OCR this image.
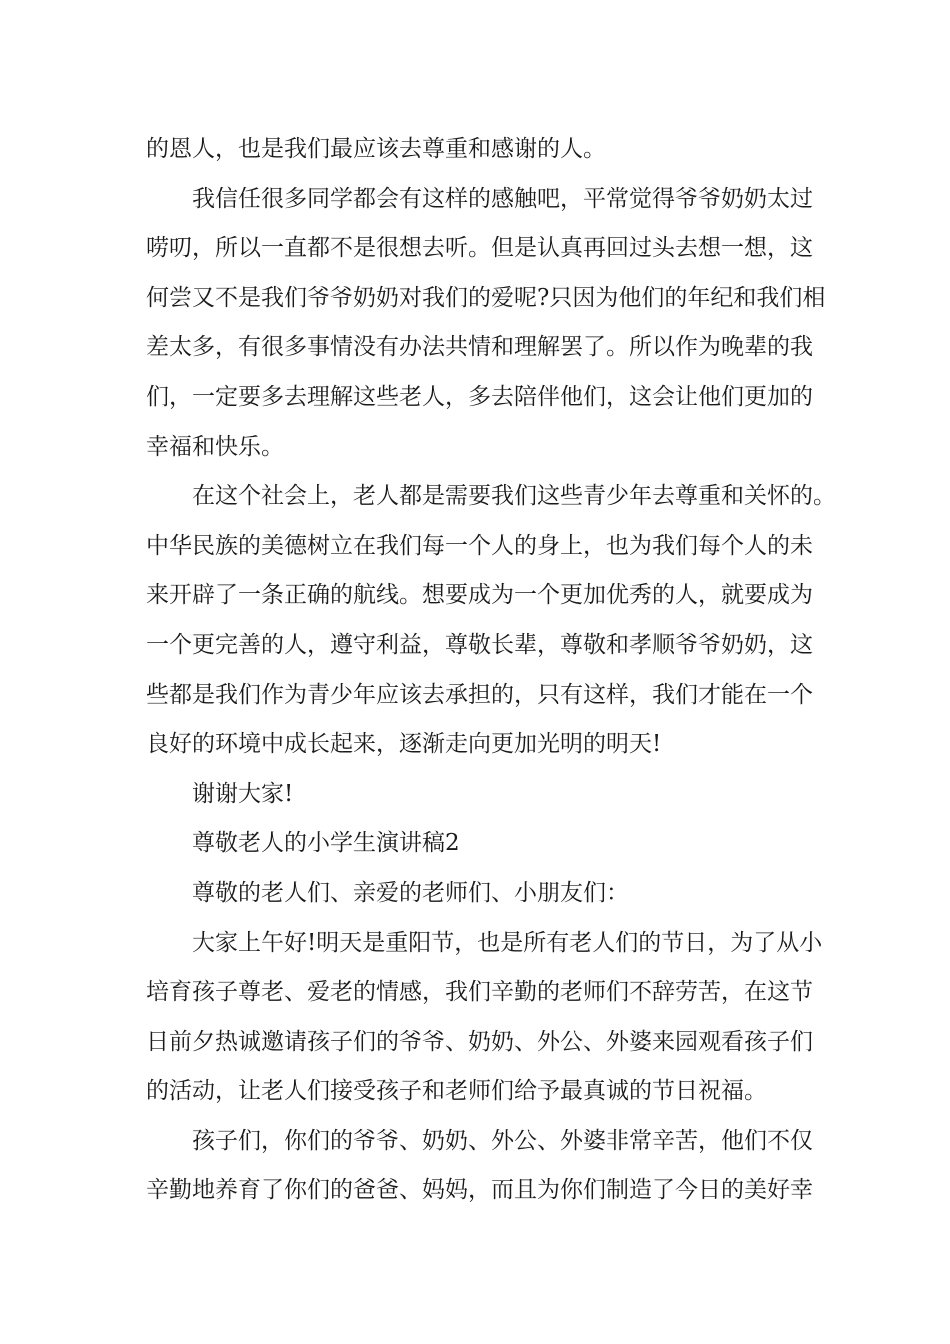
的恩人，也是我们最应该去尊重和感谢的人。
我信任很多同学都会有这样的感触吧，平常觉得爷爷奶奶太过
唠叨，所以一直都不是很想去听。但是认真再回过头去想一想，这
何尝又不是我们爷爷奶奶对我们的爱呢?只因为他们的年纪和我们相
差太多，有很多事情没有办法共情和理解罢了。所以作为晚辈的我
们，一定要多去理解这些老人，多去陪伴他们，这会让他们更加的
幸福和快乐。
在这个社会上，老人都是需要我们这些青少年去尊重和关怀的。
中华民族的美德树立在我们每一个人的身上，也为我们每个人的未
来开辟了一条正确的航线。想要成为一个更加优秀的人，就要成为
一个更完善的人，遵守利益，尊敬长辈，尊敬和孝顺爷爷奶奶，这
些都是我们作为青少年应该去承担的，只有这样，我们才能在一个
良好的环境中成长起来，逐渐走向更加光明的明天!
谢谢大家!
尊敬老人的小学生演讲稿2
尊敬的老人们、亲爱的老师们、小朋友们：
大家上午好!明天是重阳节，也是所有老人们的节日，为了从小
培育孩子尊老、爱老的情感，我们辛勤的老师们不辞劳苦，在这节
日前夕热诚邀请孩子们的爷爷、奶奶、外公、外婆来园观看孩子们
的活动，让老人们接受孩子和老师们给予最真诚的节日祝福。
孩子们，你们的爷爷、奶奶、外公、外婆非常辛苦，他们不仅
辛勤地养育了你们的爸爸、妈妈，而且为你们制造了今日的美好幸
